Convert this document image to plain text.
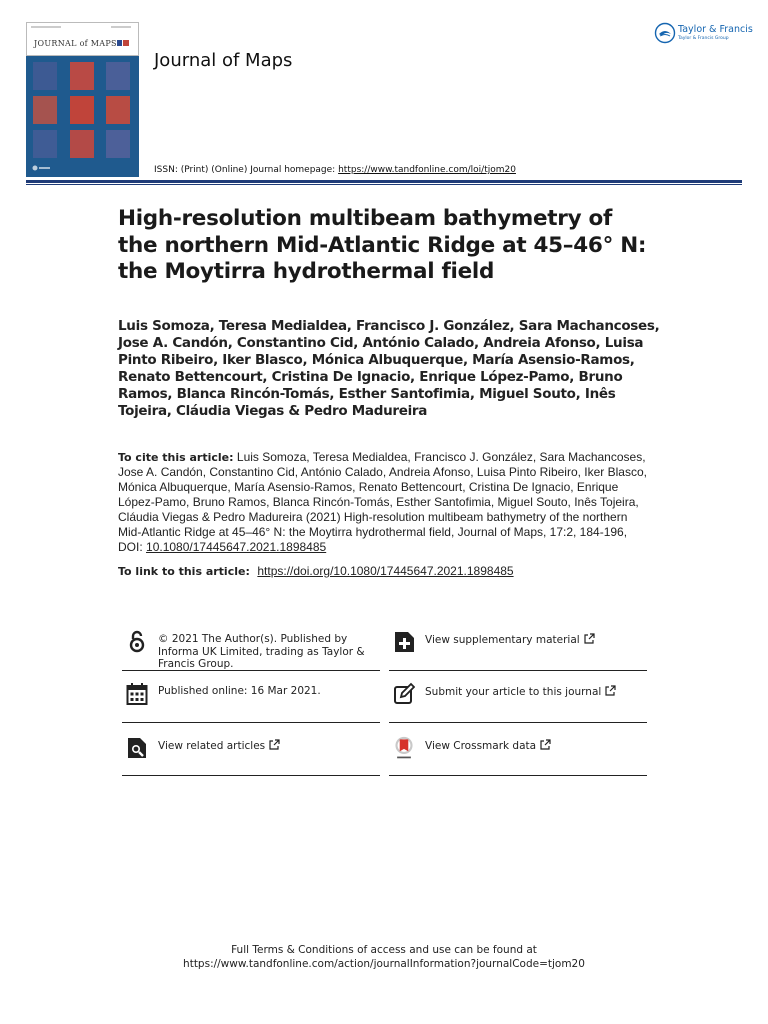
JOURNAL of MAPS
Journal of Maps
Taylor & Francis
Taylor & Francis Group
ISSN: (Print) (Online) Journal homepage: https://www.tandfonline.com/loi/tjom20
High-resolution multibeam bathymetry of the northern Mid-Atlantic Ridge at 45–46° N: the Moytirra hydrothermal field
Luis Somoza, Teresa Medialdea, Francisco J. González, Sara Machancoses, Jose A. Candón, Constantino Cid, António Calado, Andreia Afonso, Luisa Pinto Ribeiro, Iker Blasco, Mónica Albuquerque, María Asensio-Ramos, Renato Bettencourt, Cristina De Ignacio, Enrique López-Pamo, Bruno Ramos, Blanca Rincón-Tomás, Esther Santofimia, Miguel Souto, Inês Tojeira, Cláudia Viegas & Pedro Madureira
To cite this article: Luis Somoza, Teresa Medialdea, Francisco J. González, Sara Machancoses, Jose A. Candón, Constantino Cid, António Calado, Andreia Afonso, Luisa Pinto Ribeiro, Iker Blasco, Mónica Albuquerque, María Asensio-Ramos, Renato Bettencourt, Cristina De Ignacio, Enrique López-Pamo, Bruno Ramos, Blanca Rincón-Tomás, Esther Santofimia, Miguel Souto, Inês Tojeira, Cláudia Viegas & Pedro Madureira (2021) High-resolution multibeam bathymetry of the northern Mid-Atlantic Ridge at 45–46° N: the Moytirra hydrothermal field, Journal of Maps, 17:2, 184-196, DOI: 10.1080/17445647.2021.1898485
To link to this article: https://doi.org/10.1080/17445647.2021.1898485
© 2021 The Author(s). Published by Informa UK Limited, trading as Taylor & Francis Group.
Published online: 16 Mar 2021.
View related articles
View supplementary material
Submit your article to this journal
View Crossmark data
Full Terms & Conditions of access and use can be found at
https://www.tandfonline.com/action/journalInformation?journalCode=tjom20
